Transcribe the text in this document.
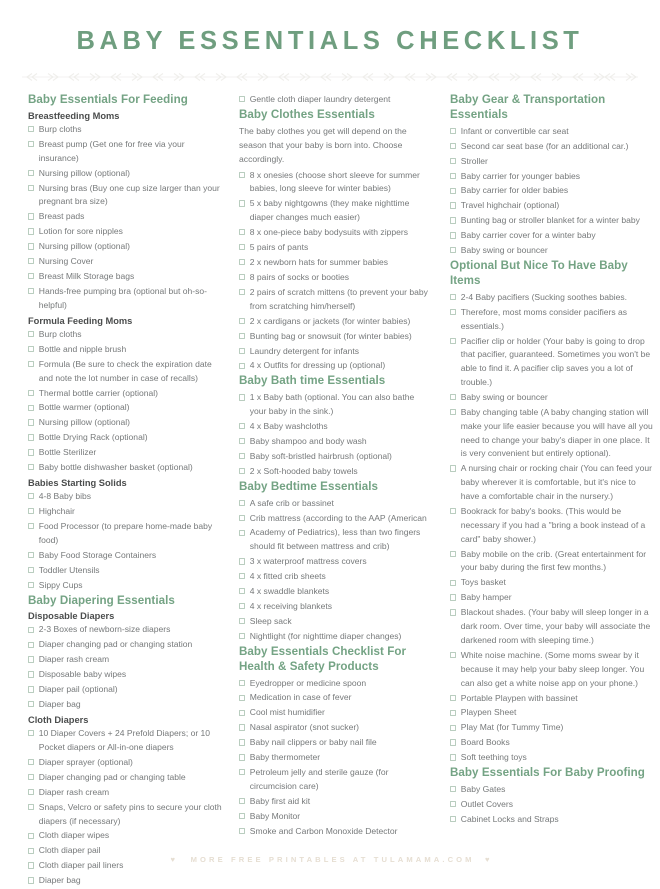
BABY ESSENTIALS CHECKLIST
Baby Essentials For Feeding
Breastfeeding Moms
Burp cloths
Breast pump (Get one for free via your insurance)
Nursing pillow (optional)
Nursing bras (Buy one cup size larger than your pregnant bra size)
Breast pads
Lotion for sore nipples
Nursing pillow (optional)
Nursing Cover
Breast Milk Storage bags
Hands-free pumping bra (optional but oh-so-helpful)
Formula Feeding Moms
Burp cloths
Bottle and nipple brush
Formula (Be sure to check the expiration date and note the lot number in case of recalls)
Thermal bottle carrier (optional)
Bottle warmer (optional)
Nursing pillow (optional)
Bottle Drying Rack (optional)
Bottle Sterilizer
Baby bottle dishwasher basket (optional)
Babies Starting Solids
4-8 Baby bibs
Highchair
Food Processor (to prepare home-made baby food)
Baby Food Storage Containers
Toddler Utensils
Sippy Cups
Baby Diapering Essentials
Disposable Diapers
2-3 Boxes of newborn-size diapers
Diaper changing pad or changing station
Diaper rash cream
Disposable baby wipes
Diaper pail (optional)
Diaper bag
Cloth Diapers
10 Diaper Covers + 24 Prefold Diapers; or 10 Pocket diapers or All-in-one diapers
Diaper sprayer (optional)
Diaper changing pad or changing table
Diaper rash cream
Snaps, Velcro or safety pins to secure your cloth diapers (if necessary)
Cloth diaper wipes
Cloth diaper pail
Cloth diaper pail liners
Diaper bag
Gentle cloth diaper laundry detergent
Baby Clothes Essentials

The baby clothes you get will depend on the season that your baby is born into. Choose accordingly.

8 x onesies (choose short sleeve for summer babies, long sleeve for winter babies)
5 x baby nightgowns (they make nighttime diaper changes much easier)
8 x one-piece baby bodysuits with zippers
5 pairs of pants
2 x newborn hats for summer babies
8 pairs of socks or booties
2 pairs of scratch mittens (to prevent your baby from scratching him/herself)
2 x cardigans or jackets (for winter babies)
Bunting bag or snowsuit (for winter babies)
Laundry detergent for infants
4 x Outfits for dressing up (optional)
Baby Bath time Essentials
1 x Baby bath (optional. You can also bathe your baby in the sink.)
4 x Baby washcloths
Baby shampoo and body wash
Baby soft-bristled hairbrush (optional)
2 x Soft-hooded baby towels
Baby Bedtime Essentials
A safe crib or bassinet
Crib mattress (according to the AAP (American
Academy of Pediatrics), less than two fingers should fit between mattress and crib)
3 x waterproof mattress covers
4 x fitted crib sheets
4 x swaddle blankets
4 x receiving blankets
Sleep sack
Nightlight (for nighttime diaper changes)
Baby Essentials Checklist For Health & Safety Products
Eyedropper or medicine spoon
Medication in case of fever
Cool mist humidifier
Nasal aspirator (snot sucker)
Baby nail clippers or baby nail file
Baby thermometer
Petroleum jelly and sterile gauze (for circumcision care)
Baby first aid kit
Baby Monitor
Smoke and Carbon Monoxide Detector
Baby Gear & Transportation Essentials
Infant or convertible car seat
Second car seat base (for an additional car.)
Stroller
Baby carrier for younger babies
Baby carrier for older babies
Travel highchair (optional)
Bunting bag or stroller blanket for a winter baby
Baby carrier cover for a winter baby
Baby swing or bouncer
Optional But Nice To Have Baby Items
2-4 Baby pacifiers (Sucking soothes babies.
Therefore, most moms consider pacifiers as essentials.)
Pacifier clip or holder (Your baby is going to drop that pacifier, guaranteed. Sometimes you won't be able to find it. A pacifier clip saves you a lot of trouble.)
Baby swing or bouncer
Baby changing table (A baby changing station will make your life easier because you will have all you need to change your baby's diaper in one place. It is very convenient but entirely optional).
A nursing chair or rocking chair (You can feed your baby wherever it is comfortable, but it's nice to have a comfortable chair in the nursery.)
Bookrack for baby's books. (This would be necessary if you had a "bring a book instead of a card" baby shower.)
Baby mobile on the crib. (Great entertainment for your baby during the first few months.)
Toys basket
Baby hamper
Blackout shades. (Your baby will sleep longer in a dark room. Over time, your baby will associate the darkened room with sleeping time.)
White noise machine. (Some moms swear by it because it may help your baby sleep longer. You can also get a white noise app on your phone.)
Portable Playpen with bassinet
Playpen Sheet
Play Mat (for Tummy Time)
Board Books
Soft teething toys
Baby Essentials For Baby Proofing
Baby Gates
Outlet Covers
Cabinet Locks and Straps
♥ MORE FREE PRINTABLES AT TULAMAMA.COM ♥
